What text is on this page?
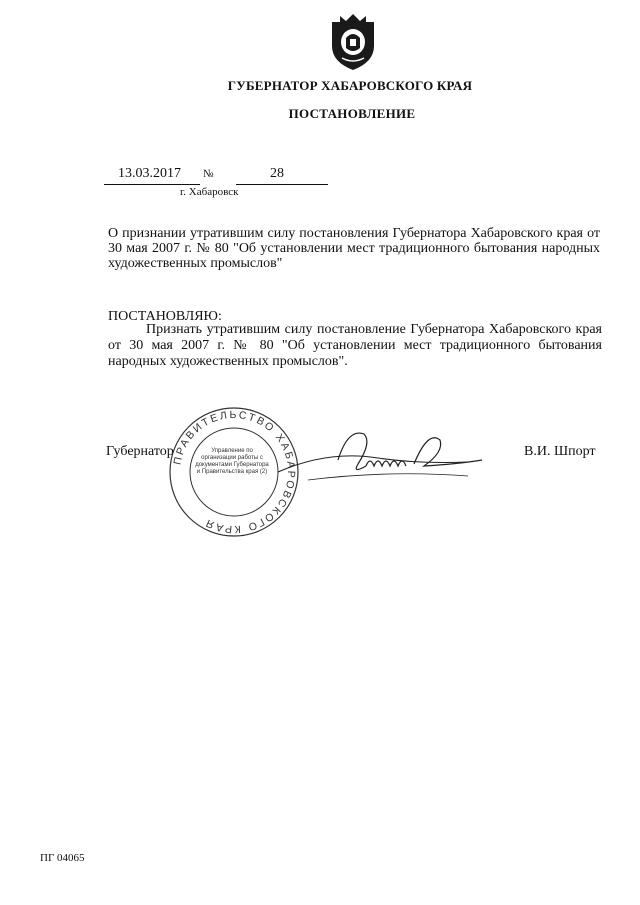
ГУБЕРНАТОР ХАБАРОВСКОГО КРАЯ
ПОСТАНОВЛЕНИЕ
13.03.2017 №	28
г. Хабаровск
О признании утратившим силу постановления Губернатора Хабаровского края от 30 мая 2007 г. № 80 "Об установлении мест традиционного бытования народных художественных промыслов"
ПОСТАНОВЛЯЮ:
Признать утратившим силу постановление Губернатора Хабаровского края от 30 мая 2007 г. № 80 "Об установлении мест традиционного бытования народных художественных промыслов".
Губернатор	В.И. Шпорт
ПРАВИТЕЛЬСТВО ХАБАРОВСКОГО КРАЯ
Управление по организации работы с документами Губернатора и Правительства края (2)
ПГ 04065
